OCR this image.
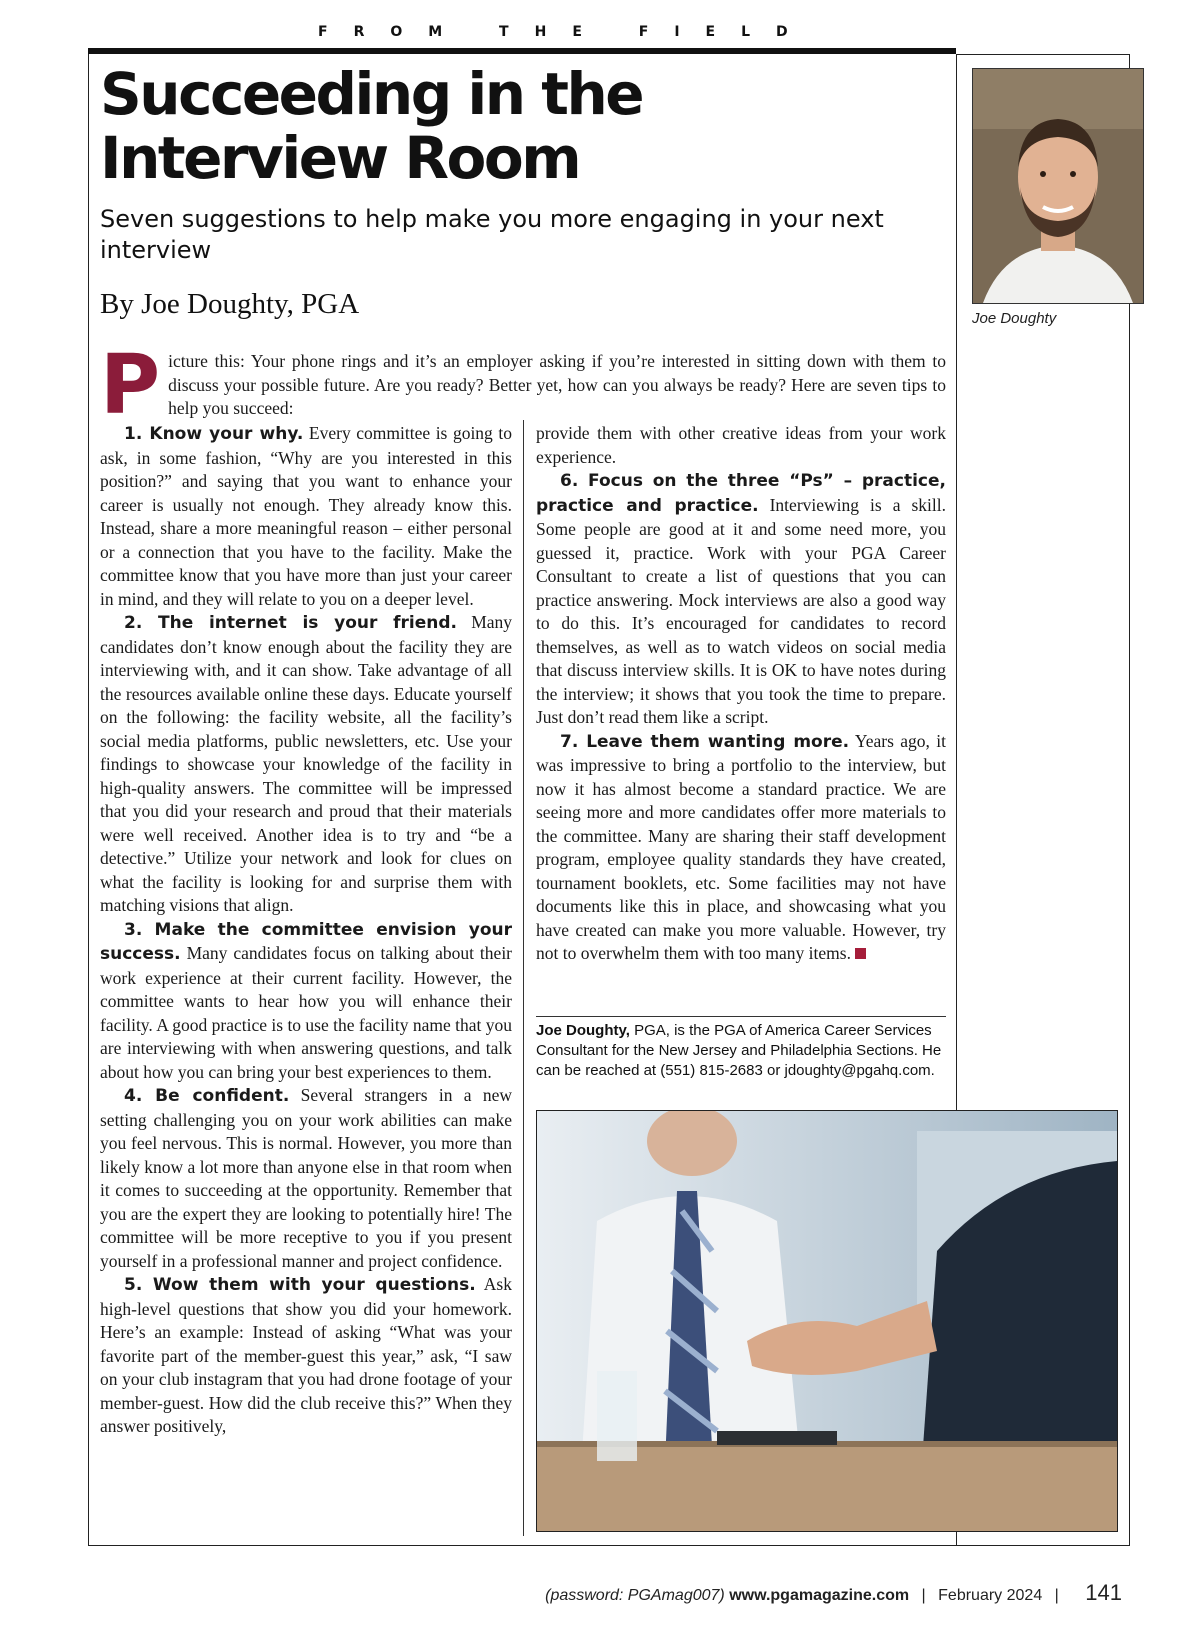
FROM THE FIELD
Succeeding in the
Interview Room

Seven suggestions to help make you more engaging in your next interview

By Joe Doughty, PGA	Joe Doughty
P icture this: Your phone rings and it’s an employer asking if you’re interested in sitting down with them to discuss your possible future. Are you ready? Better yet, how can you always be ready? Here are seven tips to help you succeed:

1. Know your why. Every committee is going to ask, in some fashion, “Why are you interested in this position?” and saying that you want to enhance your career is usually not enough. They already know this. Instead, share a more meaningful reason – either personal or a connection that you have to the facility. Make the committee know that you have more than just your career in mind, and they will relate to you on a deeper level.

2. The internet is your friend. Many candidates don’t know enough about the facility they are interviewing with, and it can show. Take advantage of all the resources available online these days. Educate yourself on the following: the facility website, all the facility’s social media platforms, public newsletters, etc. Use your findings to showcase your knowledge of the facility in high-quality answers. The committee will be impressed that you did your research and proud that their materials were well received. Another idea is to try and “be a detective.” Utilize your network and look for clues on what the facility is looking for and surprise them with matching visions that align.

3. Make the committee envision your success. Many candidates focus on talking about their work experience at their current facility. However, the committee wants to hear how you will enhance their facility. A good practice is to use the facility name that you are interviewing with when answering questions, and talk about how you can bring your best experiences to them.

4. Be confident. Several strangers in a new setting challenging you on your work abilities can make you feel nervous. This is normal. However, you more than likely know a lot more than anyone else in that room when it comes to succeeding at the opportunity. Remember that you are the expert they are looking to potentially hire! The committee will be more receptive to you if you present yourself in a professional manner and project confidence.

5. Wow them with your questions. Ask high-level questions that show you did your homework. Here’s an example: Instead of asking “What was your favorite part of the member-guest this year,” ask, “I saw on your club instagram that you had drone footage of your member-guest. How did the club receive this?” When they answer positively,

provide them with other creative ideas from your work experience.

6. Focus on the three “Ps” – practice, practice and practice. Interviewing is a skill. Some people are good at it and some need more, you guessed it, practice. Work with your PGA Career Consultant to create a list of questions that you can practice answering. Mock interviews are also a good way to do this. It’s encouraged for candidates to record themselves, as well as to watch videos on social media that discuss interview skills. It is OK to have notes during the interview; it shows that you took the time to prepare. Just don’t read them like a script.

7. Leave them wanting more. Years ago, it was impressive to bring a portfolio to the interview, but now it has almost become a standard practice. We are seeing more and more candidates offer more materials to the committee. Many are sharing their staff development program, employee quality standards they have created, tournament booklets, etc. Some facilities may not have documents like this in place, and showcasing what you have created can make you more valuable. However, try not to overwhelm them with too many items.

Joe Doughty, PGA, is the PGA of America Career Services Consultant for the New Jersey and Philadelphia Sections. He can be reached at (551) 815-2683 or jdoughty@pgahq.com.
(password: PGAmag007) www.pgamagazine.com | February 2024 | 141
